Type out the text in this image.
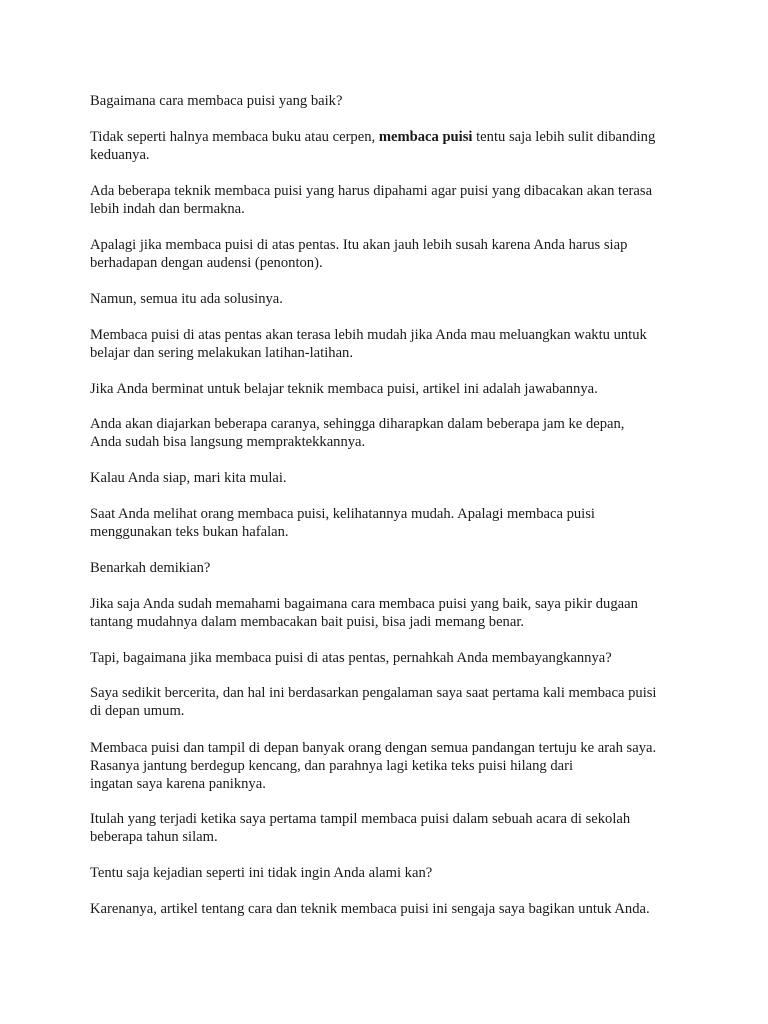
Bagaimana cara membaca puisi yang baik?

Tidak seperti halnya membaca buku atau cerpen, membaca puisi tentu saja lebih sulit dibanding
keduanya.

Ada beberapa teknik membaca puisi yang harus dipahami agar puisi yang dibacakan akan terasa
lebih indah dan bermakna.

Apalagi jika membaca puisi di atas pentas. Itu akan jauh lebih susah karena Anda harus siap
berhadapan dengan audensi (penonton).

Namun, semua itu ada solusinya.

Membaca puisi di atas pentas akan terasa lebih mudah jika Anda mau meluangkan waktu untuk
belajar dan sering melakukan latihan-latihan.

Jika Anda berminat untuk belajar teknik membaca puisi, artikel ini adalah jawabannya.

Anda akan diajarkan beberapa caranya, sehingga diharapkan dalam beberapa jam ke depan,
Anda sudah bisa langsung mempraktekkannya.

Kalau Anda siap, mari kita mulai.

Saat Anda melihat orang membaca puisi, kelihatannya mudah. Apalagi membaca puisi
menggunakan teks bukan hafalan.

Benarkah demikian?

Jika saja Anda sudah memahami bagaimana cara membaca puisi yang baik, saya pikir dugaan
tantang mudahnya dalam membacakan bait puisi, bisa jadi memang benar.

Tapi, bagaimana jika membaca puisi di atas pentas, pernahkah Anda membayangkannya?

Saya sedikit bercerita, dan hal ini berdasarkan pengalaman saya saat pertama kali membaca puisi
di depan umum.

Membaca puisi dan tampil di depan banyak orang dengan semua pandangan tertuju ke arah saya.
Rasanya jantung berdegup kencang, dan parahnya lagi ketika teks puisi hilang dari
ingatan saya karena paniknya.

Itulah yang terjadi ketika saya pertama tampil membaca puisi dalam sebuah acara di sekolah
beberapa tahun silam.

Tentu saja kejadian seperti ini tidak ingin Anda alami kan?

Karenanya, artikel tentang cara dan teknik membaca puisi ini sengaja saya bagikan untuk Anda.
